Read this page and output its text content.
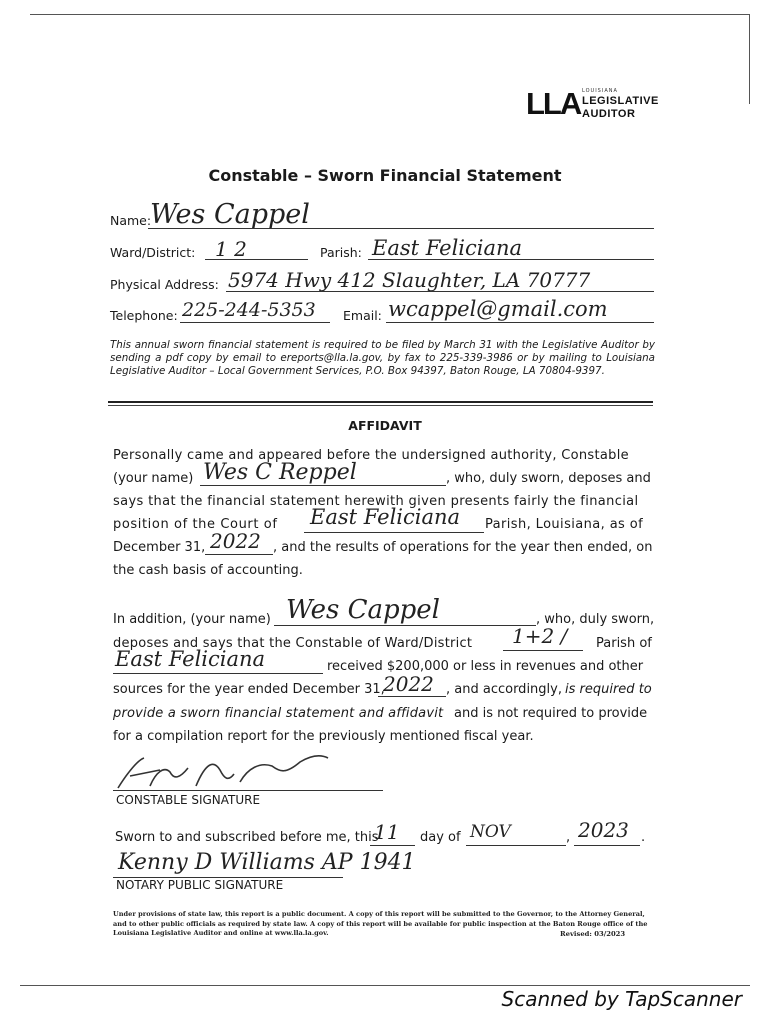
LLA LOUISIANA
LEGISLATIVE
AUDITOR
Constable – Sworn Financial Statement
Name:
Wes Cappel
Ward/District: 1 2	Parish: East Feliciana
Physical Address: 5974 Hwy 412 Slaughter, LA 70777
Telephone: 225-244-5353 Email: wcappel@gmail.com
This annual sworn financial statement is required to be filed by March 31 with the Legislative Auditor by sending a pdf copy by email to ereports@lla.la.gov, by fax to 225-339-3986 or by mailing to Louisiana Legislative Auditor – Local Government Services, P.O. Box 94397, Baton Rouge, LA 70804-9397.
AFFIDAVIT
Personally came and appeared before the undersigned authority, Constable
(your name) Wes C Reppel	, who, duly sworn, deposes and
says that the financial statement herewith given presents fairly the financial
position of the Court of East Feliciana Parish, Louisiana, as of
December 31, 2022 , and the results of operations for the year then ended, on
the cash basis of accounting.
In addition, (your name) Wes Cappel	, who, duly sworn,
deposes and says that the Constable of Ward/District 1+2 / Parish of
East Feliciana	received $200,000 or less in revenues and other
sources for the year ended December 31,
2022 , and accordingly, is required to
provide a sworn financial statement and affidavit and is not required to provide
for a compilation report for the previously mentioned fiscal year.
CONSTABLE SIGNATURE
Sworn to and subscribed before me, this
11 day of NOV	, 2023 .
Kenny D Williams AP 1941
NOTARY PUBLIC SIGNATURE
Under provisions of state law, this report is a public document. A copy of this report will be submitted to the Governor, to the Attorney General, and to other public officials as required by state law. A copy of this report will be available for public inspection at the Baton Rouge office of the Louisiana Legislative Auditor and online at www.lla.la.gov.	Revised: 03/2023
Scanned by TapScanner
